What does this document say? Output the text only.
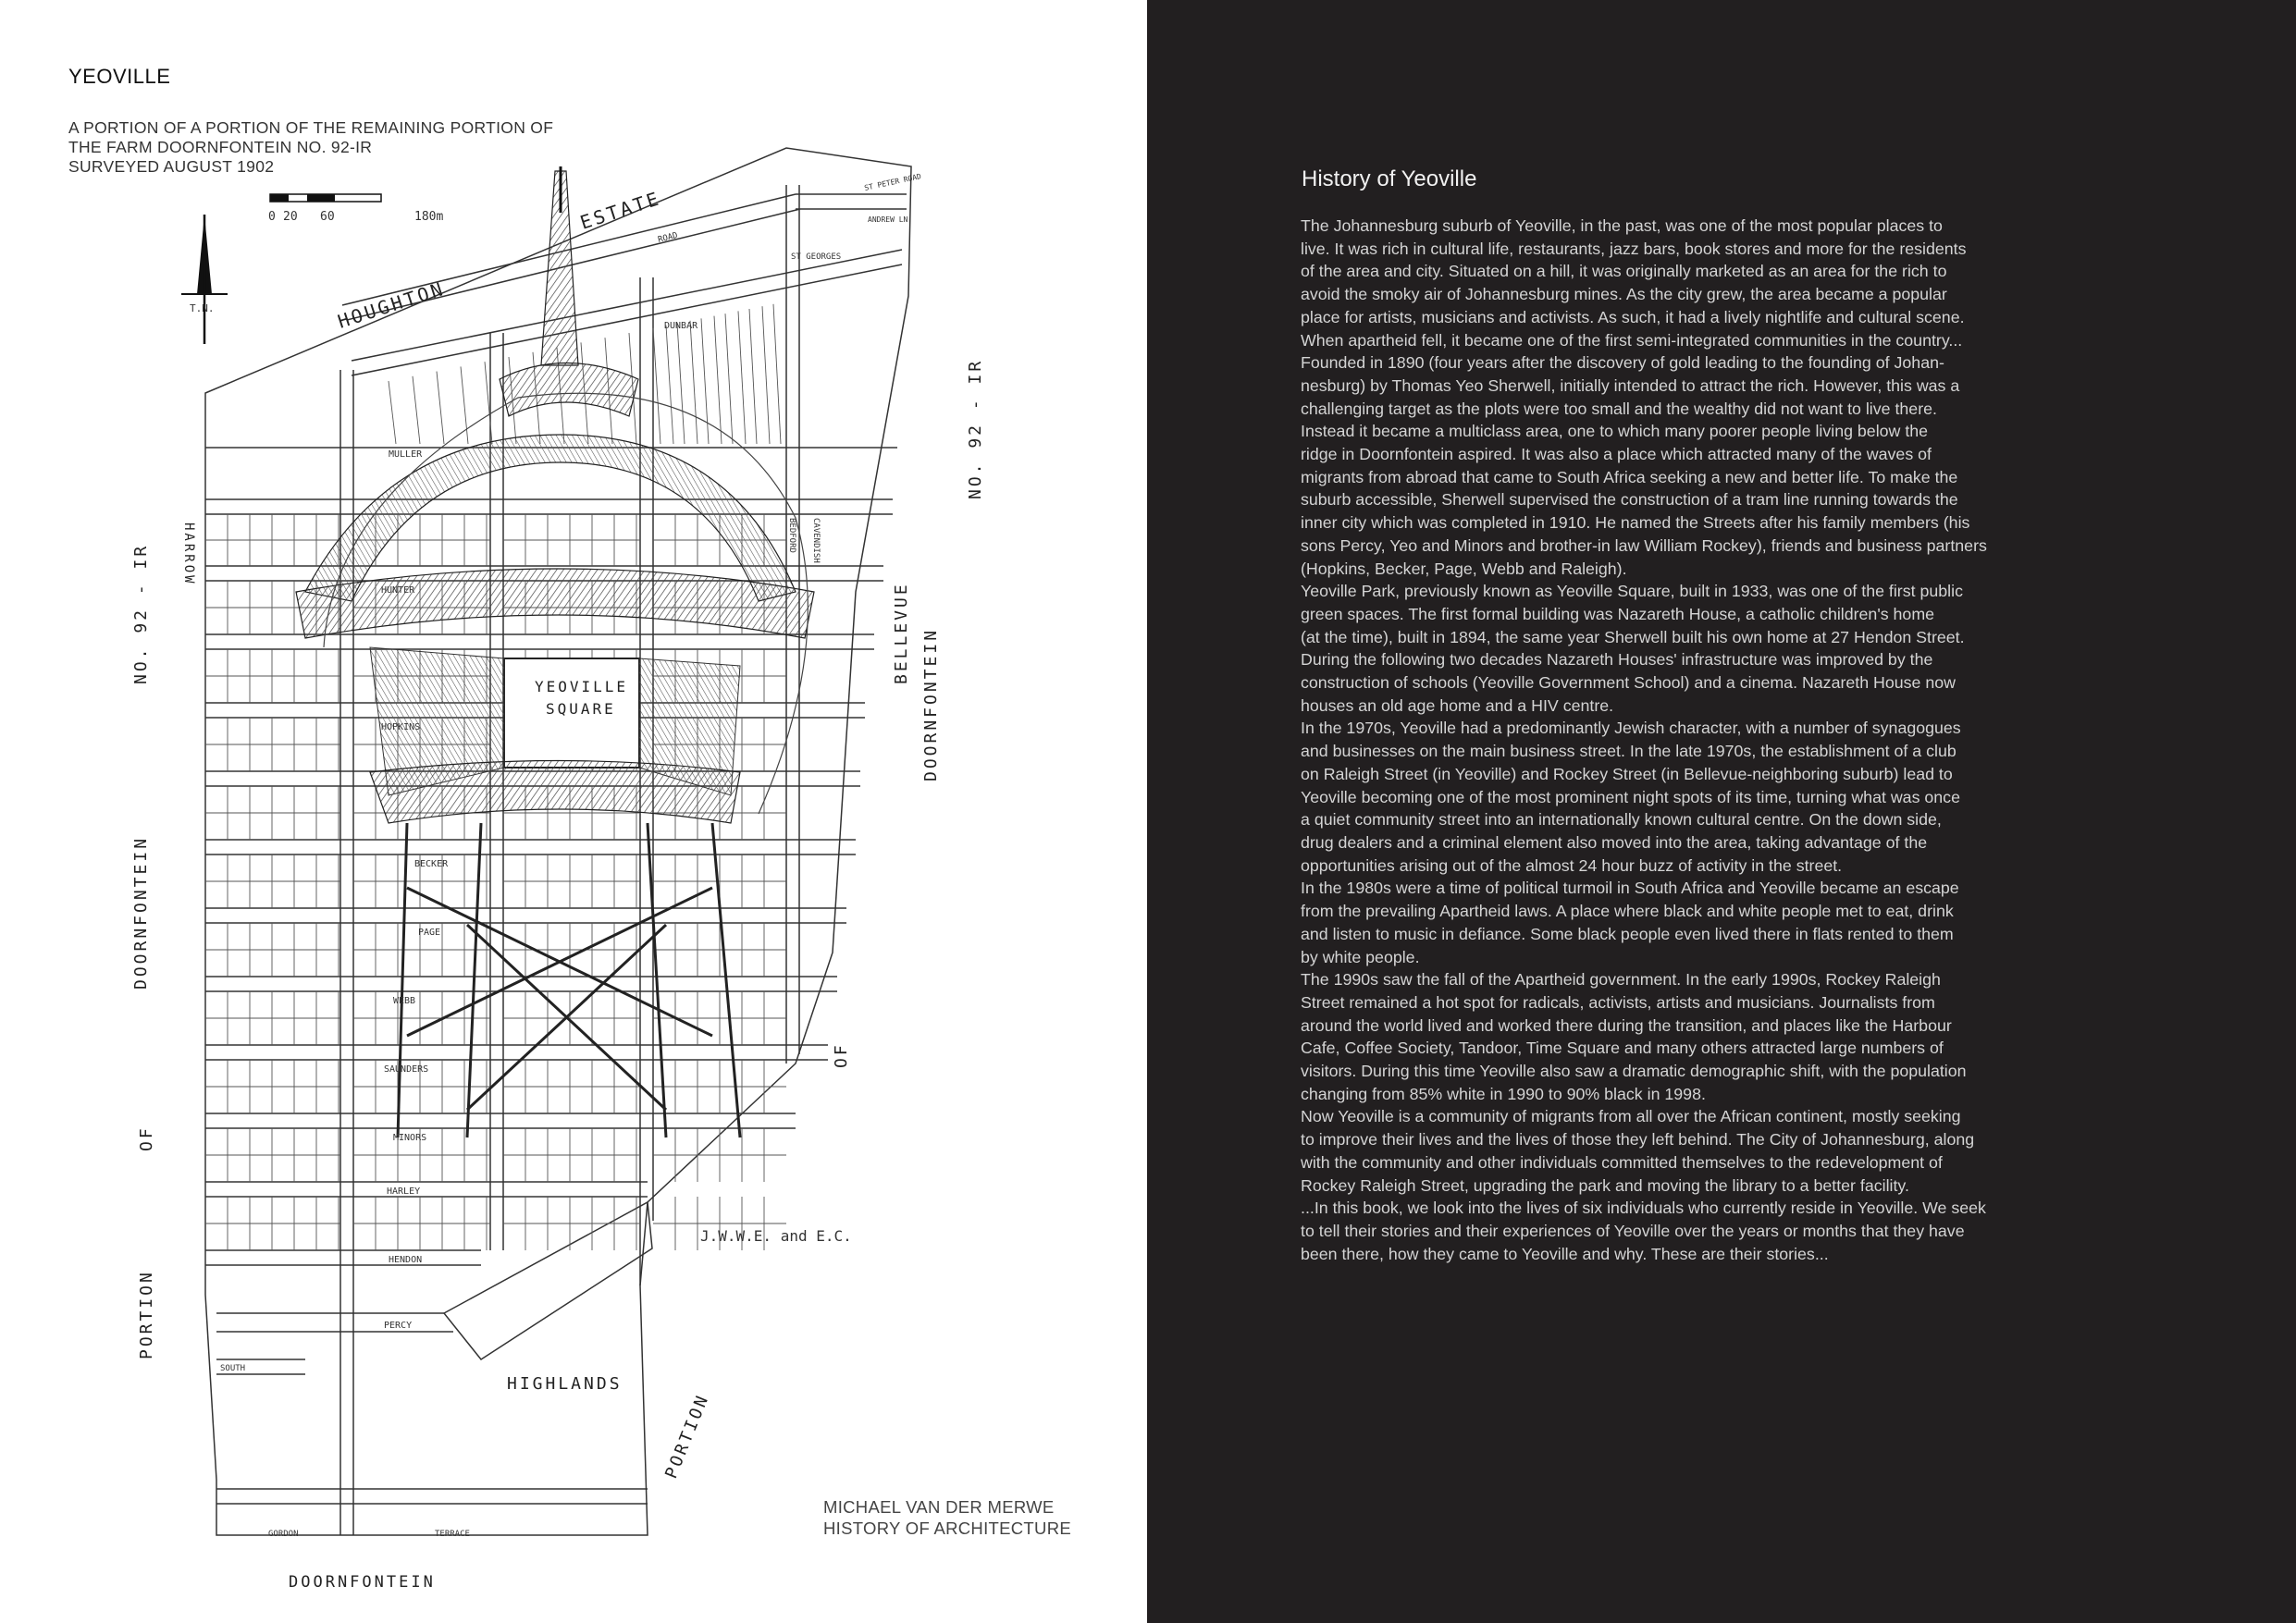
YEOVILLE
A PORTION OF A PORTION OF THE REMAINING PORTION OF
THE FARM DOORNFONTEIN NO. 92-IR
SURVEYED AUGUST 1902
0 20 60	180m
T.N.
YEOVILLE
SQUARE
HOUGHTON
ESTATE
HARROW
NO. 92 - IR
DOORNFONTEIN
OF
PORTION
NO. 92 - IR
BELLEVUE DOORNFONTEIN
OF
PORTION
J.W.W.E. and E.C.
HIGHLANDS
DOORNFONTEIN
ST PETER ROAD
ANDREW LN
ROAD
ST GEORGES
DUNBAR
MULLER
HUNTER
HOPKINS
BECKER
PAGE
WEBB
SAUNDERS
MINORS
HARLEY
HENDON
PERCY
SOUTH
GORDON	TERRACE
CAVENDISH
BEDFORD
MICHAEL VAN DER MERWE
HISTORY OF ARCHITECTURE
History of Yeoville
The Johannesburg suburb of Yeoville, in the past, was one of the most popular places to
live. It was rich in cultural life, restaurants, jazz bars, book stores and more for the residents
of the area and city. Situated on a hill, it was originally marketed as an area for the rich to
avoid the smoky air of Johannesburg mines. As the city grew, the area became a popular
place for artists, musicians and activists. As such, it had a lively nightlife and cultural scene.
When apartheid fell, it became one of the first semi-integrated communities in the country...
Founded in 1890 (four years after the discovery of gold leading to the founding of Johan-
nesburg) by Thomas Yeo Sherwell, initially intended to attract the rich. However, this was a
challenging target as the plots were too small and the wealthy did not want to live there.
Instead it became a multiclass area, one to which many poorer people living below the
ridge in Doornfontein aspired. It was also a place which attracted many of the waves of
migrants from abroad that came to South Africa seeking a new and better life. To make the
suburb accessible, Sherwell supervised the construction of a tram line running towards the
inner city which was completed in 1910. He named the Streets after his family members (his
sons Percy, Yeo and Minors and brother-in law William Rockey), friends and business partners
(Hopkins, Becker, Page, Webb and Raleigh).
Yeoville Park, previously known as Yeoville Square, built in 1933, was one of the first public
green spaces. The first formal building was Nazareth House, a catholic children's home
(at the time), built in 1894, the same year Sherwell built his own home at 27 Hendon Street.
During the following two decades Nazareth Houses' infrastructure was improved by the
construction of schools (Yeoville Government School) and a cinema. Nazareth House now
houses an old age home and a HIV centre.
In the 1970s, Yeoville had a predominantly Jewish character, with a number of synagogues
and businesses on the main business street. In the late 1970s, the establishment of a club
on Raleigh Street (in Yeoville) and Rockey Street (in Bellevue-neighboring suburb) lead to
Yeoville becoming one of the most prominent night spots of its time, turning what was once
a quiet community street into an internationally known cultural centre. On the down side,
drug dealers and a criminal element also moved into the area, taking advantage of the
opportunities arising out of the almost 24 hour buzz of activity in the street.
In the 1980s were a time of political turmoil in South Africa and Yeoville became an escape
from the prevailing Apartheid laws. A place where black and white people met to eat, drink
and listen to music in defiance. Some black people even lived there in flats rented to them
by white people.
The 1990s saw the fall of the Apartheid government. In the early 1990s, Rockey Raleigh
Street remained a hot spot for radicals, activists, artists and musicians. Journalists from
around the world lived and worked there during the transition, and places like the Harbour
Cafe, Coffee Society, Tandoor, Time Square and many others attracted large numbers of
visitors. During this time Yeoville also saw a dramatic demographic shift, with the population
changing from 85% white in 1990 to 90% black in 1998.
Now Yeoville is a community of migrants from all over the African continent, mostly seeking
to improve their lives and the lives of those they left behind. The City of Johannesburg, along
with the community and other individuals committed themselves to the redevelopment of
Rockey Raleigh Street, upgrading the park and moving the library to a better facility.
...In this book, we look into the lives of six individuals who currently reside in Yeoville. We seek
to tell their stories and their experiences of Yeoville over the years or months that they have
been there, how they came to Yeoville and why. These are their stories...
